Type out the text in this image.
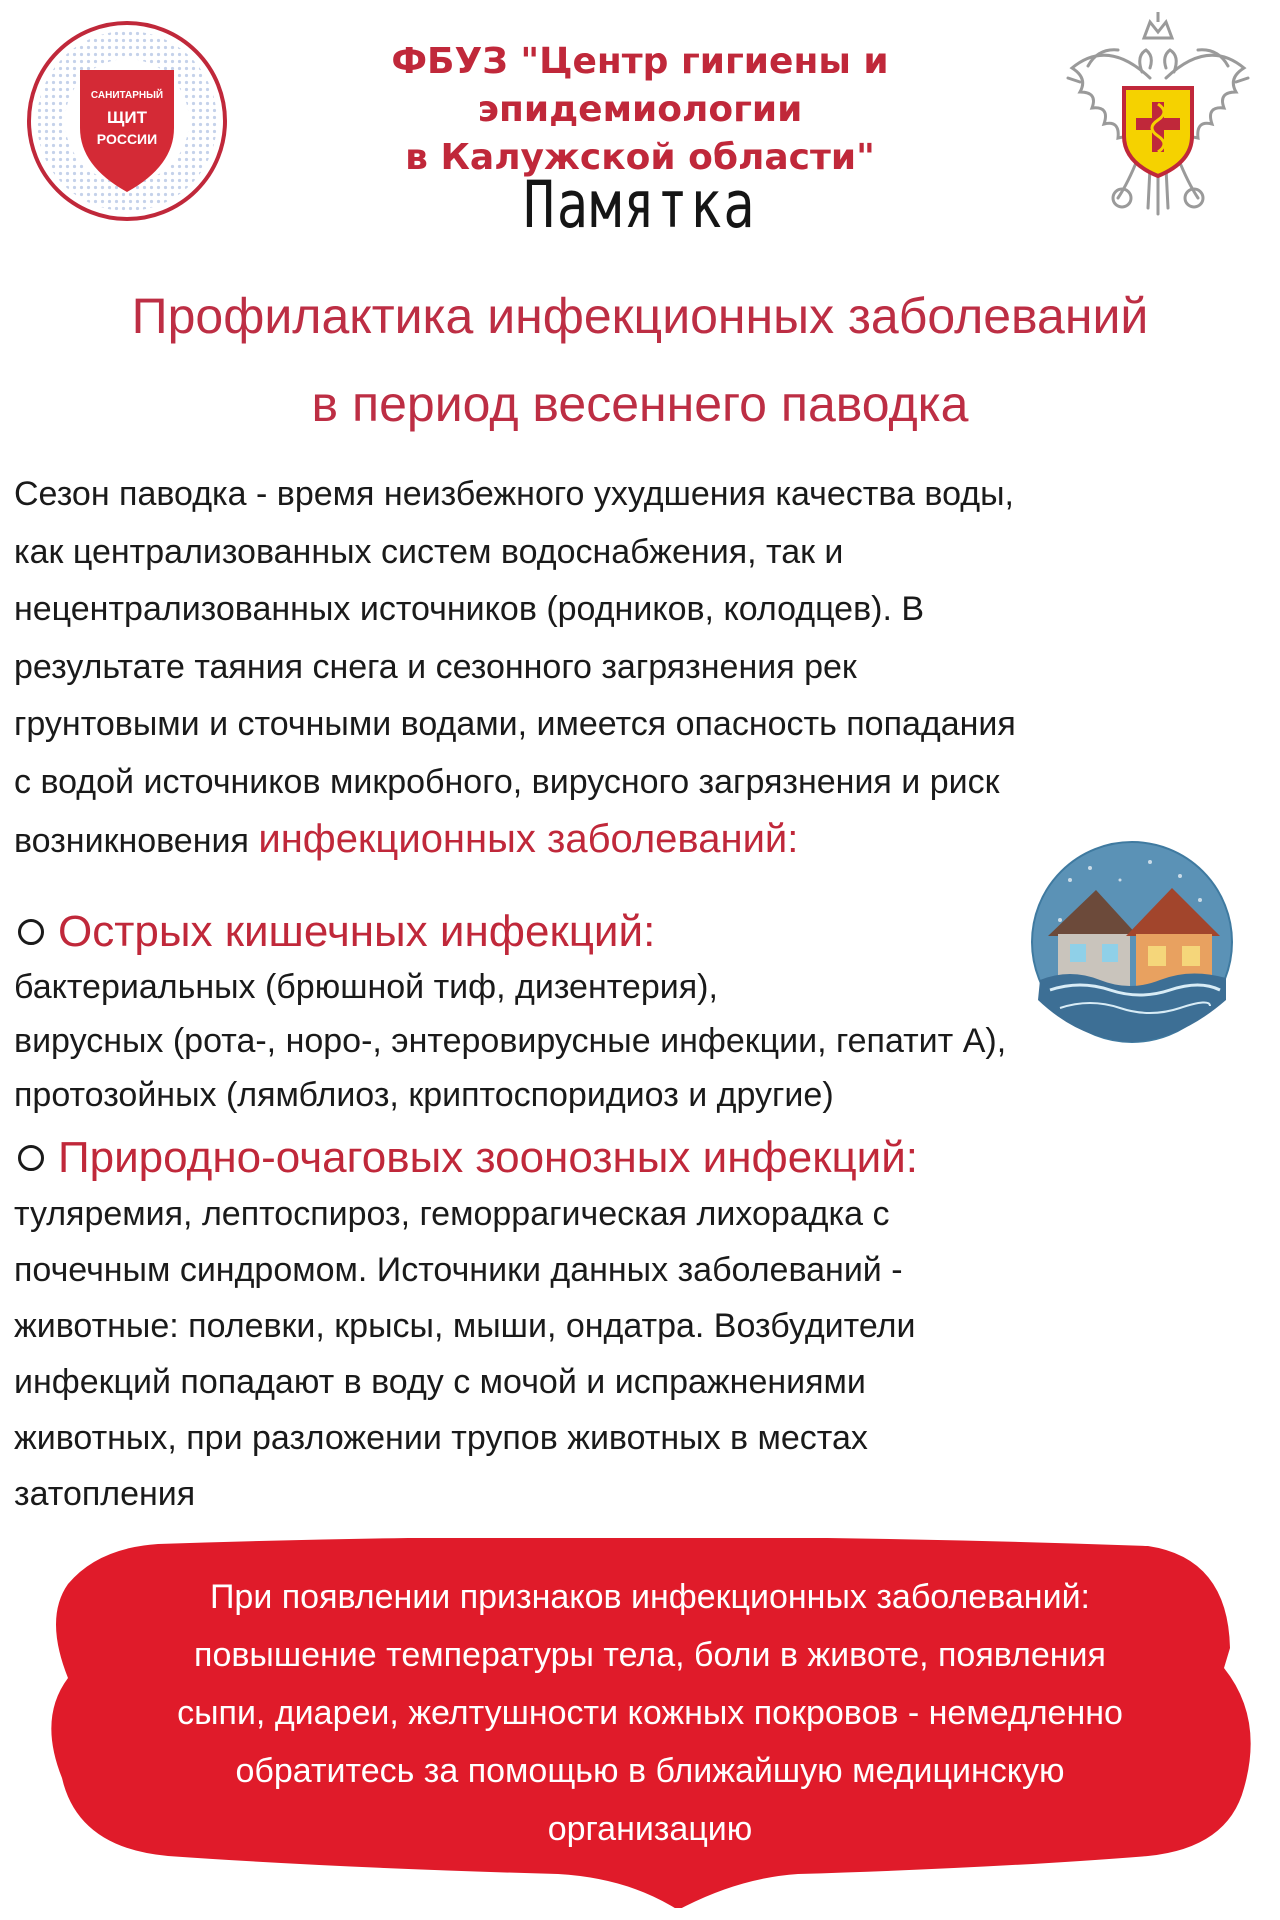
САНИТАРНЫЙ
ЩИТ
РОССИИ
ФБУЗ "Центр гигиены и эпидемиологии
в Калужской области"
Памятка
Профилактика инфекционных заболеваний
в период весеннего паводка
Сезон паводка - время неизбежного ухудшения качества воды,
как централизованных систем водоснабжения, так и
нецентрализованных источников (родников, колодцев). В
результате таяния снега и сезонного загрязнения рек
грунтовыми и сточными водами, имеется опасность попадания
с водой источников микробного, вирусного загрязнения и риск
возникновения инфекционных заболеваний:
Острых кишечных инфекций:
бактериальных (брюшной тиф, дизентерия),
вирусных (рота-, норо-, энтеровирусные инфекции, гепатит А),
протозойных (лямблиоз, криптоспоридиоз и другие)
Природно-очаговых зоонозных инфекций:
туляремия, лептоспироз, геморрагическая лихорадка с
почечным синдромом. Источники данных заболеваний -
животные: полевки, крысы, мыши, ондатра. Возбудители
инфекций попадают в воду с мочой и испражнениями
животных, при разложении трупов животных в местах
затопления
При появлении признаков инфекционных заболеваний:
повышение температуры тела, боли в животе, появления
сыпи, диареи, желтушности кожных покровов - немедленно
обратитесь за помощью в ближайшую медицинскую
организацию
